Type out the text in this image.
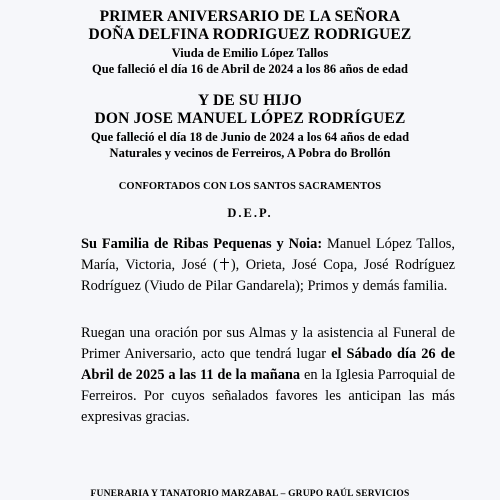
PRIMER ANIVERSARIO DE LA SEÑORA
DOÑA DELFINA RODRIGUEZ RODRIGUEZ
Viuda de Emilio López Tallos
Que falleció el día 16 de Abril de 2024 a los 86 años de edad
Y DE SU HIJO
DON JOSE MANUEL LÓPEZ RODRÍGUEZ
Que falleció el día 18 de Junio de 2024 a los 64 años de edad
Naturales y vecinos de Ferreiros, A Pobra do Brollón
CONFORTADOS CON LOS SANTOS SACRAMENTOS
D.E.P.
Su Familia de Ribas Pequenas y Noia: Manuel López Tallos, María, Victoria, José ( ), Orieta, José Copa, José Rodríguez Rodríguez (Viudo de Pilar Gandarela); Primos y demás familia.
Ruegan una oración por sus Almas y la asistencia al Funeral de Primer Aniversario, acto que tendrá lugar el Sábado día 26 de Abril de 2025 a las 11 de la mañana en la Iglesia Parroquial de Ferreiros. Por cuyos señalados favores les anticipan las más expresivas gracias.
FUNERARIA Y TANATORIO MARZABAL – GRUPO RAÚL SERVICIOS
